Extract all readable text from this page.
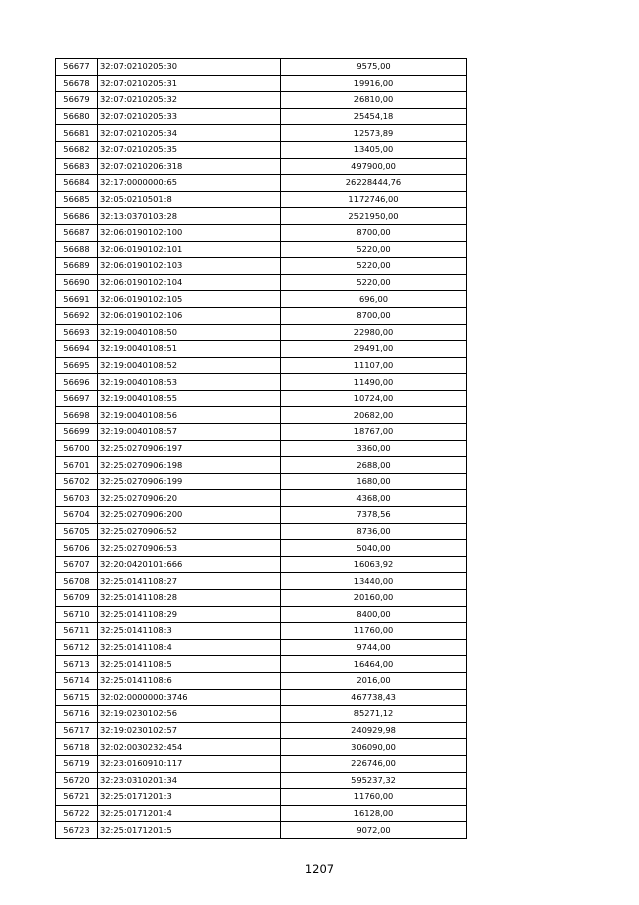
56677	32:07:0210205:30	9575,00
56678	32:07:0210205:31	19916,00
56679	32:07:0210205:32	26810,00
56680	32:07:0210205:33	25454,18
56681	32:07:0210205:34	12573,89
56682	32:07:0210205:35	13405,00
56683	32:07:0210206:318	497900,00
56684	32:17:0000000:65	26228444,76
56685	32:05:0210501:8	1172746,00
56686	32:13:0370103:28	2521950,00
56687	32:06:0190102:100	8700,00
56688	32:06:0190102:101	5220,00
56689	32:06:0190102:103	5220,00
56690	32:06:0190102:104	5220,00
56691	32:06:0190102:105	696,00
56692	32:06:0190102:106	8700,00
56693	32:19:0040108:50	22980,00
56694	32:19:0040108:51	29491,00
56695	32:19:0040108:52	11107,00
56696	32:19:0040108:53	11490,00
56697	32:19:0040108:55	10724,00
56698	32:19:0040108:56	20682,00
56699	32:19:0040108:57	18767,00
56700	32:25:0270906:197	3360,00
56701	32:25:0270906:198	2688,00
56702	32:25:0270906:199	1680,00
56703	32:25:0270906:20	4368,00
56704	32:25:0270906:200	7378,56
56705	32:25:0270906:52	8736,00
56706	32:25:0270906:53	5040,00
56707	32:20:0420101:666	16063,92
56708	32:25:0141108:27	13440,00
56709	32:25:0141108:28	20160,00
56710	32:25:0141108:29	8400,00
56711	32:25:0141108:3	11760,00
56712	32:25:0141108:4	9744,00
56713	32:25:0141108:5	16464,00
56714	32:25:0141108:6	2016,00
56715	32:02:0000000:3746	467738,43
56716	32:19:0230102:56	85271,12
56717	32:19:0230102:57	240929,98
56718	32:02:0030232:454	306090,00
56719	32:23:0160910:117	226746,00
56720	32:23:0310201:34	595237,32
56721	32:25:0171201:3	11760,00
56722	32:25:0171201:4	16128,00
56723	32:25:0171201:5	9072,00
1207
